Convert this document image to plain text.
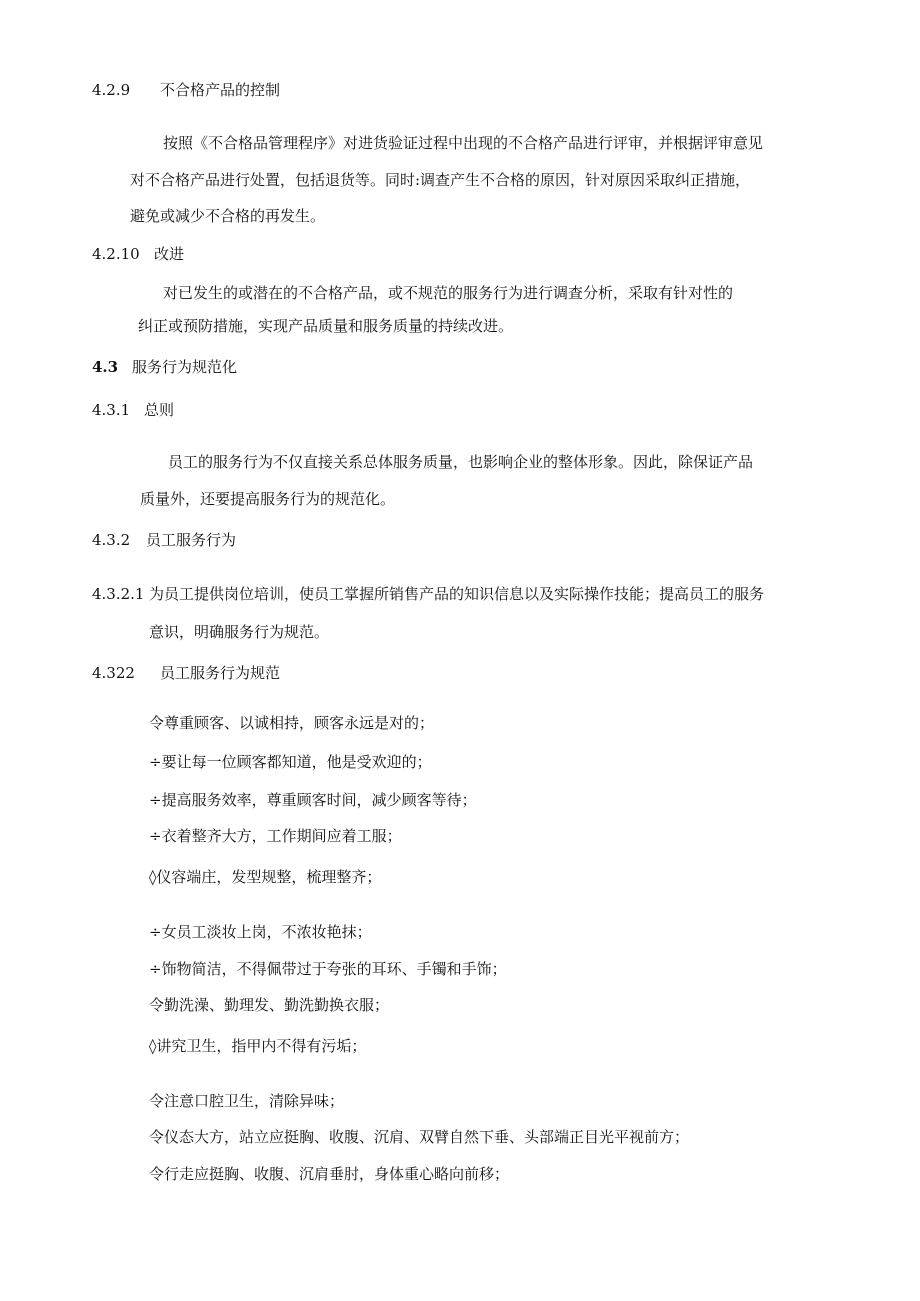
4.2.9 不合格产品的控制
按照《不合格品管理程序》对进货验证过程中出现的不合格产品进行评审，并根据评审意见
对不合格产品进行处置，包括退货等。同时:调查产生不合格的原因，针对原因采取纠正措施，
避免或减少不合格的再发生。
4.2.10 改进
对已发生的或潜在的不合格产品，或不规范的服务行为进行调查分析，采取有针对性的
纠正或预防措施，实现产品质量和服务质量的持续改进。
4.3 服务行为规范化
4.3.1 总则
员工的服务行为不仅直接关系总体服务质量，也影响企业的整体形象。因此，除保证产品
质量外，还要提高服务行为的规范化。
4.3.2 员工服务行为
4.3.2.1 为员工提供岗位培训，使员工掌握所销售产品的知识信息以及实际操作技能；提高员工的服务
意识，明确服务行为规范。
4.322 员工服务行为规范
令尊重顾客、以诚相持，顾客永远是对的；
÷要让每一位顾客都知道，他是受欢迎的；
÷提高服务效率，尊重顾客时间，减少顾客等待；
÷衣着整齐大方，工作期间应着工服；
◊仪容端庄，发型规整，梳理整齐；
÷女员工淡妆上岗，不浓妆艳抹；
÷饰物简洁，不得佩带过于夸张的耳环、手镯和手饰；
令勤洗澡、勤理发、勤洗勤换衣服；
◊讲究卫生，指甲内不得有污垢；
令注意口腔卫生，清除异味；
令仪态大方，站立应挺胸、收腹、沉肩、双臂自然下垂、头部端正目光平视前方；
令行走应挺胸、收腹、沉肩垂肘，身体重心略向前移；
